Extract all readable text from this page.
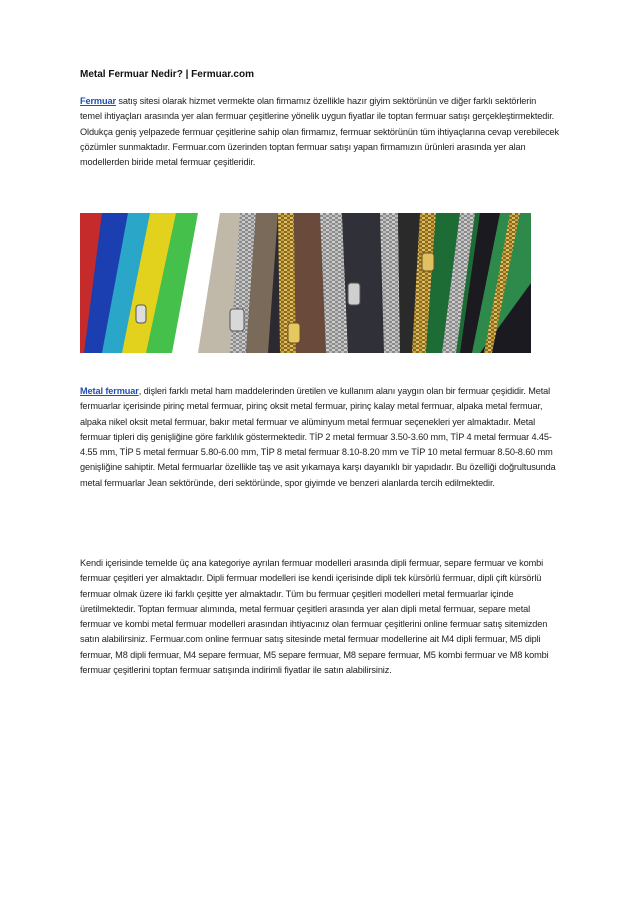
Metal Fermuar Nedir? | Fermuar.com

Fermuar satış sitesi olarak hizmet vermekte olan firmamız özellikle hazır giyim sektörünün ve diğer farklı sektörlerin temel ihtiyaçları arasında yer alan fermuar çeşitlerine yönelik uygun fiyatlar ile toptan fermuar satışı gerçekleştirmektedir. Oldukça geniş yelpazede fermuar çeşitlerine sahip olan firmamız, fermuar sektörünün tüm ihtiyaçlarına cevap verebilecek çözümler sunmaktadır. Fermuar.com üzerinden toptan fermuar satışı yapan firmamızın ürünleri arasında yer alan modellerden biride metal fermuar çeşitleridir.

Metal fermuar, dişleri farklı metal ham maddelerinden üretilen ve kullanım alanı yaygın olan bir fermuar çeşididir. Metal fermuarlar içerisinde pirinç metal fermuar, pirinç oksit metal fermuar, pirinç kalay metal fermuar, alpaka metal fermuar, alpaka nikel oksit metal fermuar, bakır metal fermuar ve alüminyum metal fermuar seçenekleri yer almaktadır. Metal fermuar tipleri diş genişliğine göre farklılık göstermektedir. TİP 2 metal fermuar 3.50-3.60 mm, TİP 4 metal fermuar 4.45-4.55 mm, TİP 5 metal fermuar 5.80-6.00 mm, TİP 8 metal fermuar 8.10-8.20 mm ve TİP 10 metal fermuar 8.50-8.60 mm genişliğine sahiptir. Metal fermuarlar özellikle taş ve asit yıkamaya karşı dayanıklı bir yapıdadır. Bu özelliği doğrultusunda metal fermuarlar Jean sektöründe, deri sektöründe, spor giyimde ve benzeri alanlarda tercih edilmektedir.

Kendi içerisinde temelde üç ana kategoriye ayrılan fermuar modelleri arasında dipli fermuar, separe fermuar ve kombi fermuar çeşitleri yer almaktadır. Dipli fermuar modelleri ise kendi içerisinde dipli tek kürsörlü fermuar, dipli çift kürsörlü fermuar olmak üzere iki farklı çeşitte yer almaktadır. Tüm bu fermuar çeşitleri modelleri metal fermuarlar içinde üretilmektedir. Toptan fermuar alımında, metal fermuar çeşitleri arasında yer alan dipli metal fermuar, separe metal fermuar ve kombi metal fermuar modelleri arasından ihtiyacınız olan fermuar çeşitlerini online fermuar satış sitemizden satın alabilirsiniz. Fermuar.com online fermuar satış sitesinde metal fermuar modellerine ait M4 dipli fermuar, M5 dipli fermuar, M8 dipli fermuar, M4 separe fermuar, M5 separe fermuar, M8 separe fermuar, M5 kombi fermuar ve M8 kombi fermuar çeşitlerini toptan fermuar satışında indirimli fiyatlar ile satın alabilirsiniz.
